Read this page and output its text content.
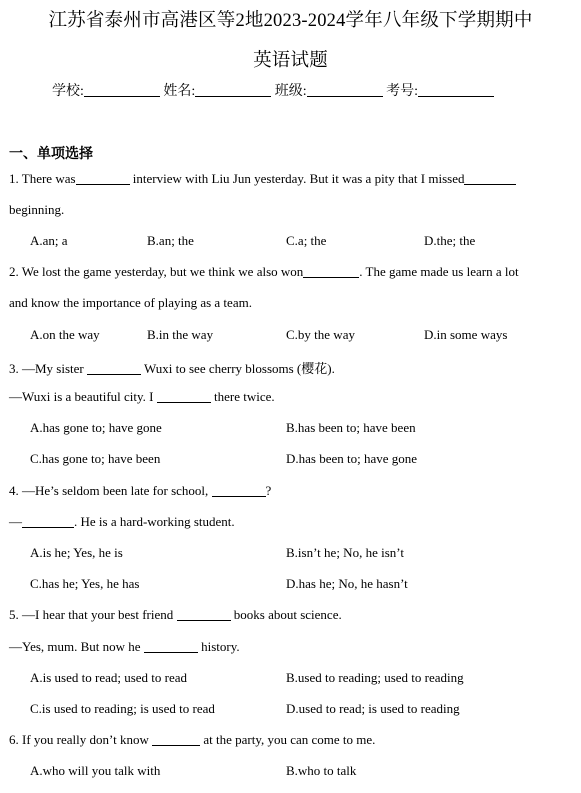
江苏省泰州市高港区等2地2023-2024学年八年级下学期期中
英语试题
学校:	姓名:	班级:	考号:
一、单项选择
1. There was	interview with Liu Jun yesterday. But it was a pity that I missed
beginning.
A.an; a	B.an; the	C.a; the	D.the; the
2. We lost the game yesterday, but we think we also won	. The game made us learn a lot
and know the importance of playing as a team.
A.on the way	B.in the way	C.by the way	D.in some ways
3. —My sister	Wuxi to see cherry blossoms (樱花).
—Wuxi is a beautiful city. I	there twice.
A.has gone to; have gone	B.has been to; have been
C.has gone to; have been	D.has been to; have gone
4. —He’s seldom been late for school,	?
—	. He is a hard-working student.
A.is he; Yes, he is	B.isn’t he; No, he isn’t
C.has he; Yes, he has	D.has he; No, he hasn’t
5. —I hear that your best friend	books about science.
—Yes, mum. But now he	history.
A.is used to read; used to read	B.used to reading; used to reading
C.is used to reading; is used to read	D.used to read; is used to reading
6. If you really don’t know	at the party, you can come to me.
A.who will you talk with	B.who to talk
